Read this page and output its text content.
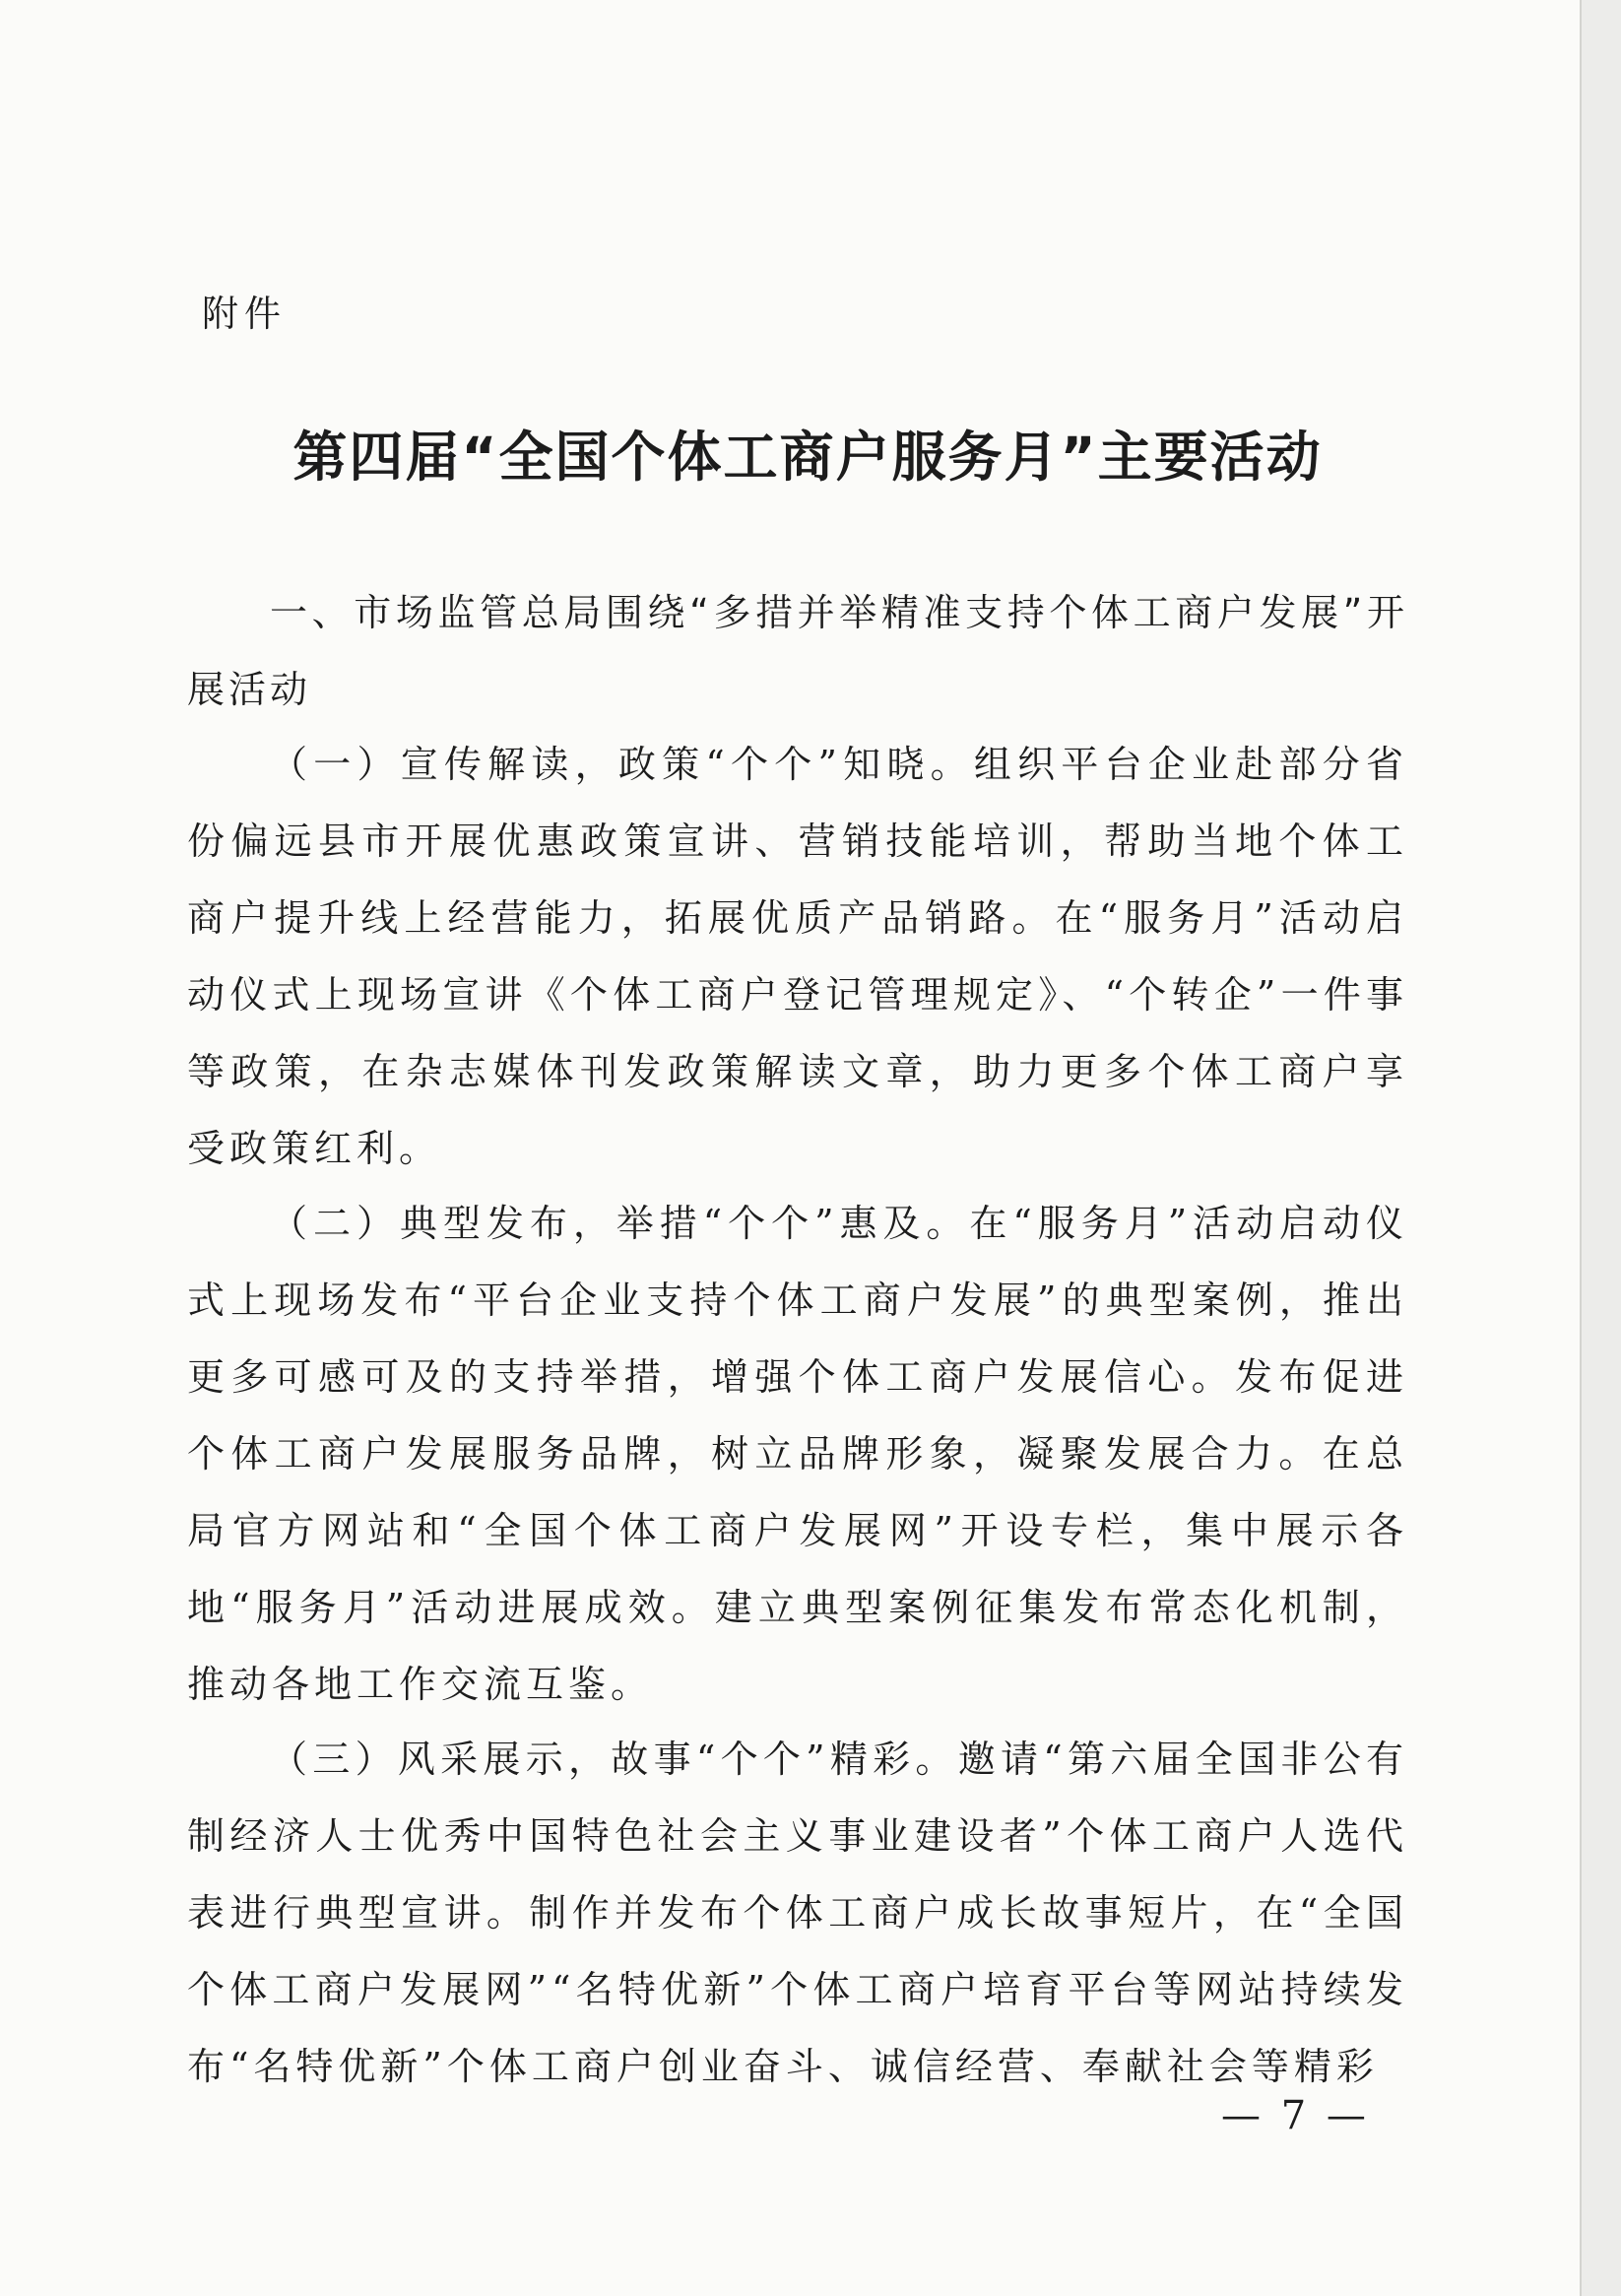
附件
第四届“全国个体工商户服务月”主要活动
一、市场监管总局围绕“多措并举精准支持个体工商户发展”开展活动
（一）宣传解读，政策“个个”知晓。组织平台企业赴部分省份偏远县市开展优惠政策宣讲、营销技能培训，帮助当地个体工商户提升线上经营能力，拓展优质产品销路。在“服务月”活动启动仪式上现场宣讲《个体工商户登记管理规定》、“个转企”一件事等政策，在杂志媒体刊发政策解读文章，助力更多个体工商户享受政策红利。
（二）典型发布，举措“个个”惠及。在“服务月”活动启动仪式上现场发布“平台企业支持个体工商户发展”的典型案例，推出更多可感可及的支持举措，增强个体工商户发展信心。发布促进个体工商户发展服务品牌，树立品牌形象，凝聚发展合力。在总局官方网站和“全国个体工商户发展网”开设专栏，集中展示各地“服务月”活动进展成效。建立典型案例征集发布常态化机制，推动各地工作交流互鉴。
（三）风采展示，故事“个个”精彩。邀请“第六届全国非公有制经济人士优秀中国特色社会主义事业建设者”个体工商户人选代表进行典型宣讲。制作并发布个体工商户成长故事短片，在“全国个体工商户发展网”“名特优新”个体工商户培育平台等网站持续发布“名特优新”个体工商户创业奋斗、诚信经营、奉献社会等精彩
— 7 —
